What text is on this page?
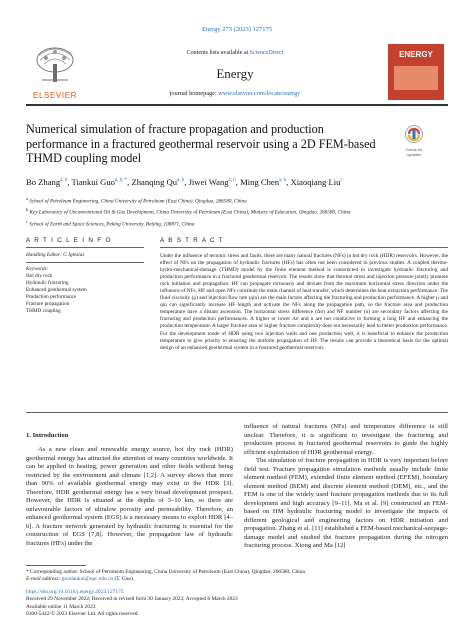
Energy 273 (2023) 127175
ELSEVIER
Contents lists available at ScienceDirect
Energy
journal homepage: www.elsevier.com/locate/energy
ENERGY
Numerical simulation of fracture propagation and production performance in a fractured geothermal reservoir using a 2D FEM-based THMD coupling model
Check for updates
Bo Zhang$^{a, b}$, Tiankui Guo$^{a, b, *}$, Zhanqing Qu$^{a, b}$, Jiwei Wang$^{a, b}$, Ming Chen$^{a, b}$, Xiaoqiang Liu$^c$
$^a$ School of Petroleum Engineering, China University of Petroleum (East China), Qingdao, 266580, China
$^b$ Key Laboratory of Unconventional Oil & Gas Development, China University of Petroleum (East China), Ministry of Education, Qingdao, 266580, China
$^c$ School of Earth and Space Sciences, Peking University, Beijing, 100871, China
A R T I C L E I N F O	A B S T R A C T
Handling Editor: G Iglesias
Keywords:
Hot dry rock
Hydraulic fracturing
Enhanced geothermal system
Production performance
Fracture propagation
THMD coupling
Under the influence of tectonic stress and faults, there are many natural fractures (NFs) in hot dry rock (HDR) reservoirs. However, the effect of NFs on the propagation of hydraulic fractures (HFs) has often not been considered in previous studies. A coupled thermo-hydro-mechanical-damage (THMD) model by the finite element method is constructed to investigate hydraulic fracturing and production performance in a fractured geothermal reservoir. The results show that thermal stress and injection pressure jointly promote rock initiation and propagation. HF can propagate tortuously and deviate from the maximum horizontal stress direction under the influence of NFs. HF and open NFs constitute the main channel of heat transfer, which determines the heat extraction performance. The fluid viscosity (μ) and injection flow rate (qin) are the main factors affecting the fracturing and production performance. A higher μ and qin can significantly increase HF length and activate the NFs along the propagation path, so the fracture area and production temperature have a distant ascension. The horizontal stress difference (Δσ) and NF number (n) are secondary factors affecting the fracturing and production performances. A higher or lower Δσ and n are not conducive to forming a long HF and enhancing the production temperature. A larger fracture area or higher fracture complexity does not necessarily lead to better production performance. For the development mode of HDR using two injection wells and one production well, it is beneficial to enhance the production temperature to give priority to ensuring the uniform propagation of HF. The results can provide a theoretical basis for the optimal design of an enhanced geothermal system in a fractured geothermal reservoir.
1. Introduction

As a new clean and renewable energy source, hot dry rock (HDR) geothermal energy has attracted the attention of many countries worldwide. It can be applied in heating, power generation and other fields without being restricted by the environment and climate [1,2]. A survey shows that more than 90% of available geothermal energy may exist in the HDR [3]. Therefore, HDR geothermal energy has a very broad development prospect. However, the HDR is situated at the depths of 3–10 km, so there are unfavourable factors of ultralow porosity and permeability. Therefore, an enhanced geothermal system (EGS) is a necessary means to exploit HDR [4–6]. A fracture network generated by hydraulic fracturing is essential for the construction of EGS [7,8]. However, the propagation law of hydraulic fractures (HFs) under the

influence of natural fractures (NFs) and temperature difference is still unclear. Therefore, it is significant to investigate the fracturing and production process in fractured geothermal reservoirs to guide the highly efficient exploitation of HDR geothermal energy.

The simulation of fracture propagation in HDR is very important before field test. Fracture propagation simulation methods usually include finite element method (FEM), extended finite element method (EFEM), boundary element method (BEM) and discrete element method (DEM), etc., and the FEM is one of the widely used fracture propagation methods due to its full development and high accuracy [9–11]. Ma et al. [9] constructed an FEM-based on HM hydraulic fracturing model to investigate the impacts of different geological and engineering factors on HDR initiation and propagation. Zhang et al. [11] established a FEM-based mechanical-seepage-damage model and studied the fracture propagation during the nitrogen fracturing process. Xiong and Ma [12]

* Corresponding author. School of Petroleum Engineering, China University of Petroleum (East China), Qingdao, 266580, China.
E-mail address: guotiankui@upc.edu.cn (T. Guo).
https://doi.org/10.1016/j.energy.2023.127175
Received 29 November 2022; Received in revised form 30 January 2023; Accepted 8 March 2023
Available online 11 March 2023
0360-5442/© 2023 Elsevier Ltd. All rights reserved.
